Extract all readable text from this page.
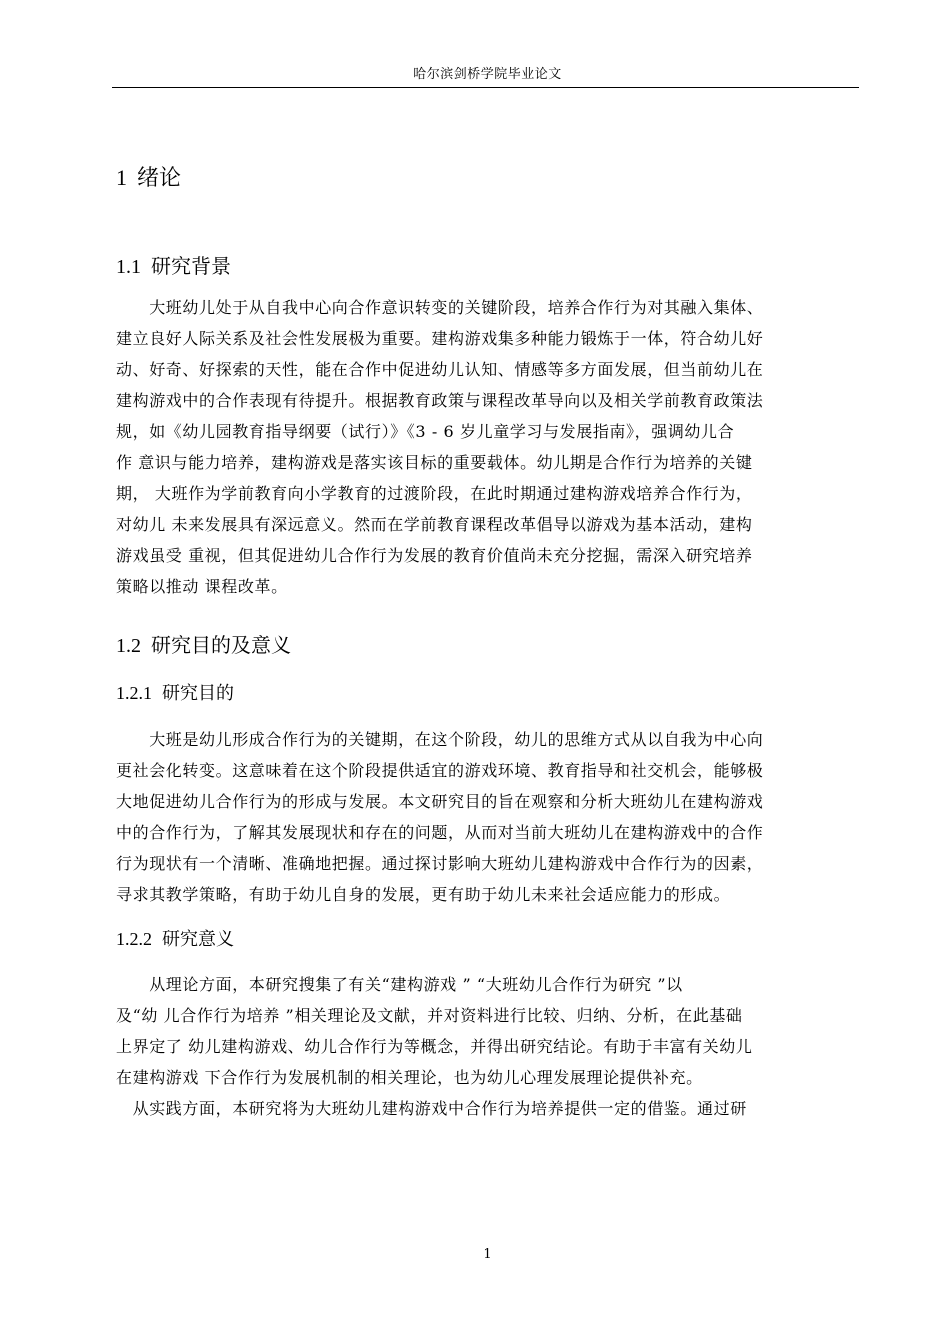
哈尔滨剑桥学院毕业论文
1 绪论
1.1 研究背景
　　大班幼儿处于从自我中心向合作意识转变的关键阶段，培养合作行为对其融入集体、
建立良好人际关系及社会性发展极为重要。建构游戏集多种能力锻炼于一体，符合幼儿好
动、好奇、好探索的天性，能在合作中促进幼儿认知、情感等多方面发展，但当前幼儿在
建构游戏中的合作表现有待提升。根据教育政策与课程改革导向以及相关学前教育政策法
规，如《幼儿园教育指导纲要（试行）》《3 - 6 岁儿童学习与发展指南》，强调幼儿合
作 意识与能力培养，建构游戏是落实该目标的重要载体。幼儿期是合作行为培养的关键
期， 大班作为学前教育向小学教育的过渡阶段，在此时期通过建构游戏培养合作行为，
对幼儿 未来发展具有深远意义。然而在学前教育课程改革倡导以游戏为基本活动，建构
游戏虽受 重视，但其促进幼儿合作行为发展的教育价值尚未充分挖掘，需深入研究培养
策略以推动 课程改革。
1.2 研究目的及意义
1.2.1 研究目的
　　大班是幼儿形成合作行为的关键期，在这个阶段，幼儿的思维方式从以自我为中心向
更社会化转变。这意味着在这个阶段提供适宜的游戏环境、教育指导和社交机会，能够极
大地促进幼儿合作行为的形成与发展。本文研究目的旨在观察和分析大班幼儿在建构游戏
中的合作行为，了解其发展现状和存在的问题，从而对当前大班幼儿在建构游戏中的合作
行为现状有一个清晰、准确地把握。通过探讨影响大班幼儿建构游戏中合作行为的因素，
寻求其教学策略，有助于幼儿自身的发展，更有助于幼儿未来社会适应能力的形成。
1.2.2 研究意义
　　从理论方面，本研究搜集了有关“建构游戏 ” “大班幼儿合作行为研究 ”以
及“幼 儿合作行为培养 ”相关理论及文献，并对资料进行比较、归纳、分析，在此基础
上界定了 幼儿建构游戏、幼儿合作行为等概念，并得出研究结论。有助于丰富有关幼儿
在建构游戏 下合作行为发展机制的相关理论，也为幼儿心理发展理论提供补充。
　从实践方面，本研究将为大班幼儿建构游戏中合作行为培养提供一定的借鉴。通过研
1
